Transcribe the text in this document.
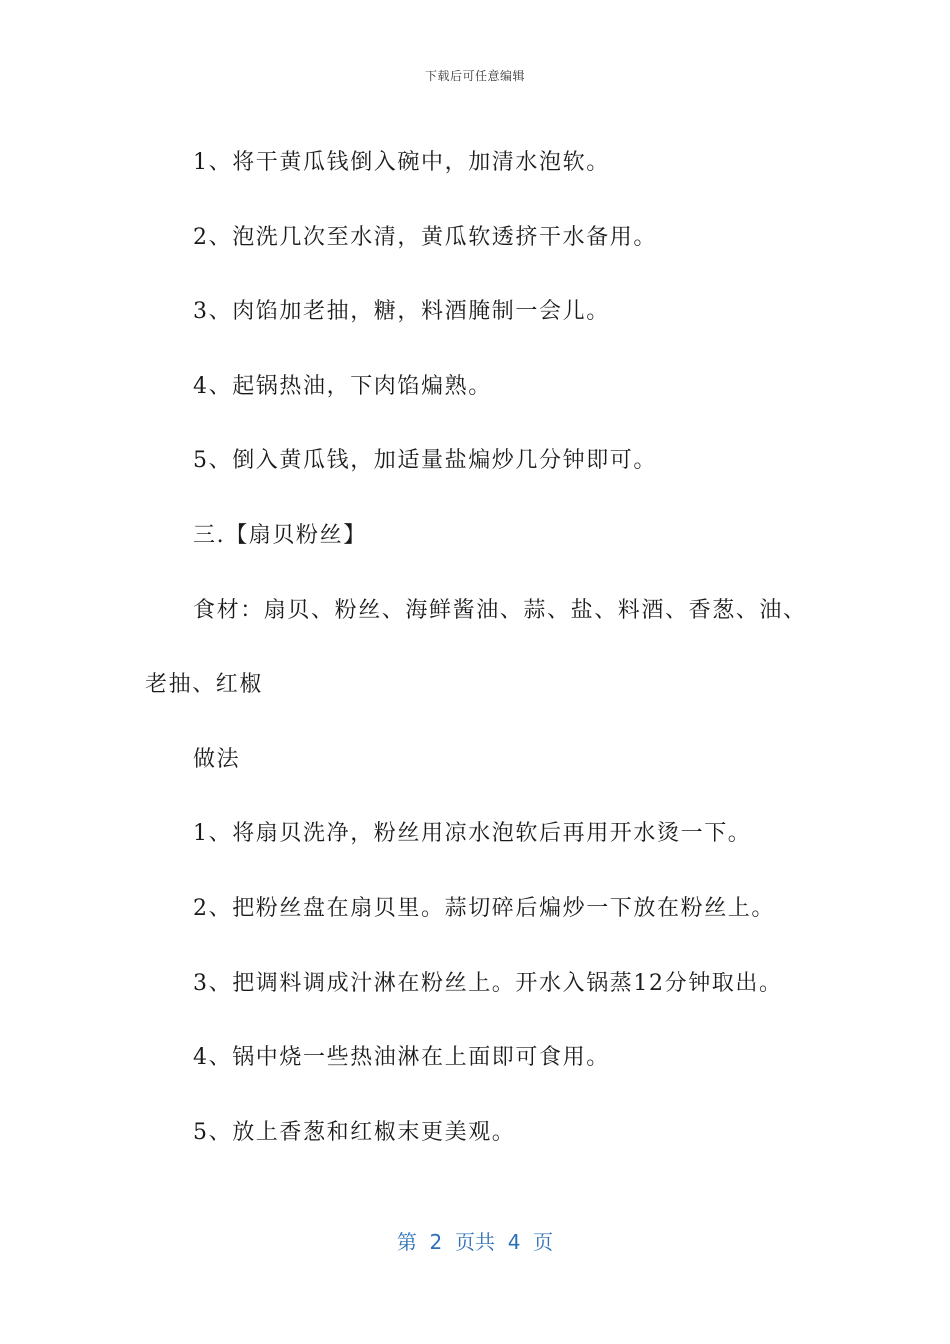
下载后可任意编辑

1、将干黄瓜钱倒入碗中，加清水泡软。

2、泡洗几次至水清，黄瓜软透挤干水备用。

3、肉馅加老抽，糖，料酒腌制一会儿。

4、起锅热油，下肉馅煸熟。

5、倒入黄瓜钱，加适量盐煸炒几分钟即可。

三.【扇贝粉丝】

食材：扇贝、粉丝、海鲜酱油、蒜、盐、料酒、香葱、油、

老抽、红椒

做法

1、将扇贝洗净，粉丝用凉水泡软后再用开水烫一下。

2、把粉丝盘在扇贝里。蒜切碎后煸炒一下放在粉丝上。

3、把调料调成汁淋在粉丝上。开水入锅蒸12分钟取出。

4、锅中烧一些热油淋在上面即可食用。

5、放上香葱和红椒末更美观。

第  2  页共  4  页
